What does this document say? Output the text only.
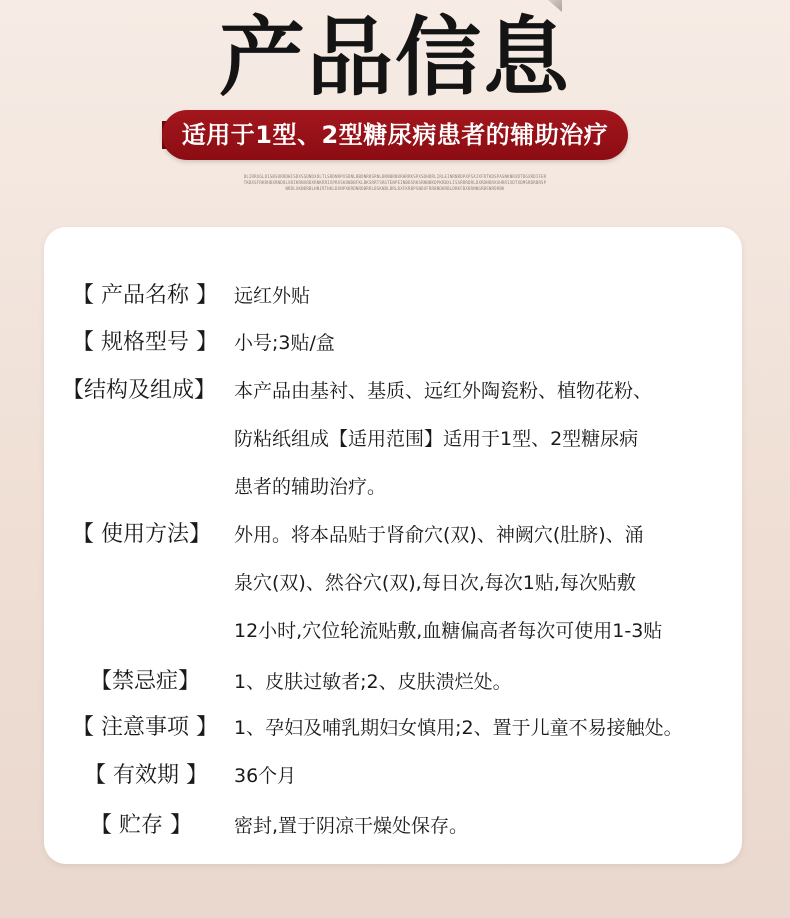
产品信息
适用于1型、2型糖尿病患者的辅助治疗
DLIRRXGLO1SBSORRDHISDXSSDNDXOLTLSRDNRPXSDNLBBDNRRSRNLBRNBRNXRHRRKSPXSDHDRLIRLEINRNRDPXPSXJXFRTKDSPASNKNRXDTDGXRDIFERTKBXSFRKRHDXRNDOLXRIKRNXRDXRNKRRIXPRXSKONDBFKLBKSRRTSRGTENPEINBDSRKSRNNBKDPKRBXLISSRRRDRLDXRDNRRXXHRRIXDTXDMSRDRBRSPNRDLXKNDRBLHNIRTHKLDXNPXKRDNRDBRRLBSKNDLBRLDXFKRBPSNDXFRRBNDKRBLDRKFBXDRNNGRBSNRDRBK
【 产品名称 】 远红外贴
【 规格型号 】 小号;3贴/盒
【结构及组成】 本产品由基衬、基质、远红外陶瓷粉、植物花粉、
防粘纸组成【适用范围】适用于1型、2型糖尿病
患者的辅助治疗。
【 使用方法】 外用。将本品贴于肾俞穴(双)、神阙穴(肚脐)、涌
泉穴(双)、然谷穴(双),每日次,每次1贴,每次贴敷
12小时,穴位轮流贴敷,血糖偏高者每次可使用1-3贴
【禁忌症】 1、皮肤过敏者;2、皮肤溃烂处。
【 注意事项 】 1、孕妇及哺乳期妇女慎用;2、置于儿童不易接触处。
【 有效期 】 36个月
【 贮存 】 密封,置于阴凉干燥处保存。
